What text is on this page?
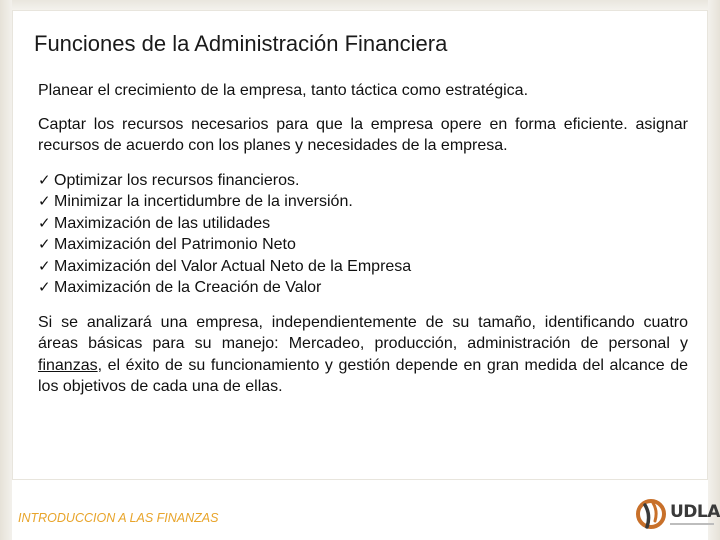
Funciones de la Administración Financiera

Planear el crecimiento de la empresa, tanto táctica como estratégica.

Captar los recursos necesarios para que la empresa opere en forma eficiente. asignar recursos de acuerdo con los planes y necesidades de la empresa.

✓ Optimizar los recursos financieros.
✓ Minimizar la incertidumbre de la inversión.
✓ Maximización de las utilidades
✓ Maximización del Patrimonio Neto
✓ Maximización del Valor Actual Neto de la Empresa
✓ Maximización de la Creación de Valor

Si se analizará una empresa, independientemente de su tamaño, identificando cuatro áreas básicas para su manejo: Mercadeo, producción, administración de personal y finanzas, el éxito de su funcionamiento y gestión depende en gran medida del alcance de los objetivos de cada una de ellas.

INTRODUCCION A LAS FINANZAS	UDLA
